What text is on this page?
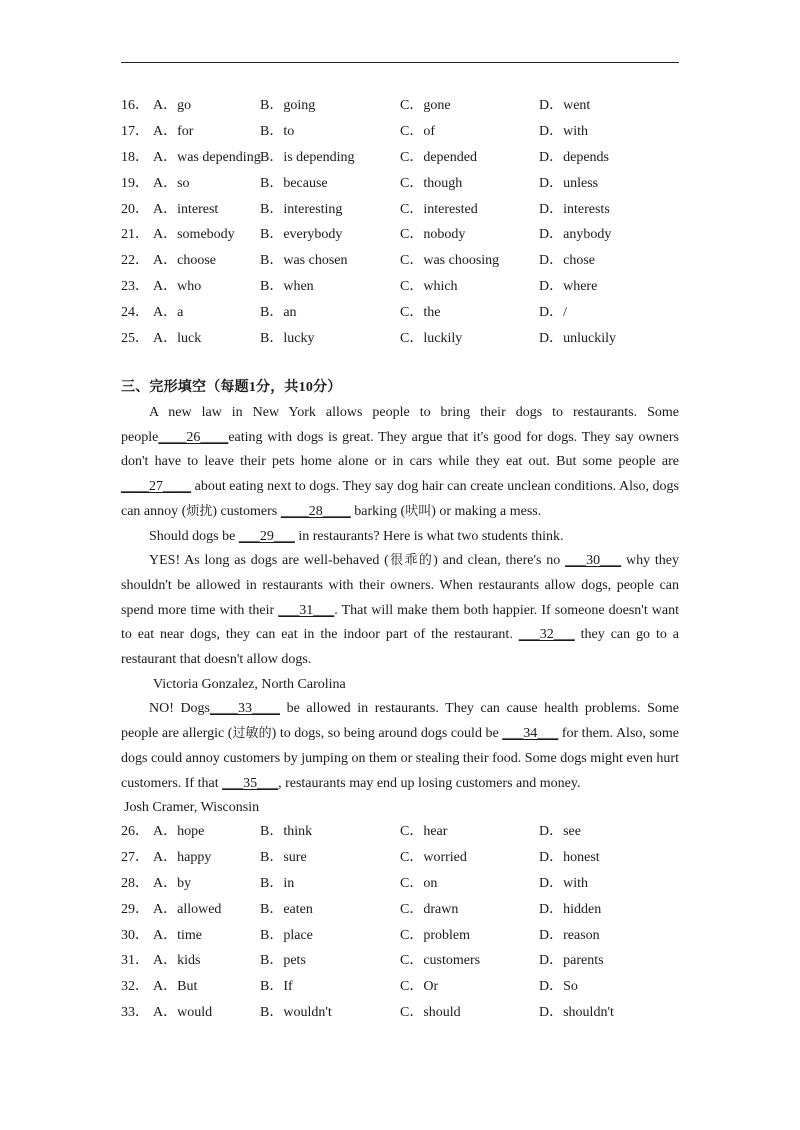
16． A．go	B．going	C．gone	D．went
17． A．for	B．to	C．of	D．with
18． A．was depending B．is depending	C．depended	D．depends
19． A．so	B．because	C．though	D．unless
20． A．interest	B．interesting	C．interested	D．interests
21． A．somebody B．everybody	C．nobody	D．anybody
22． A．choose	B．was chosen	C．was choosing	D．chose
23． A．who	B．when	C．which	D．where
24． A．a	B．an	C．the	D．/
25． A．luck	B．lucky	C．luckily	D．unluckily
三、完形填空（每题1分，共10分）

A new law in New York allows people to bring their dogs to restaurants. Some people____26____eating with dogs is great. They argue that it's good for dogs. They say owners don't have to leave their pets home alone or in cars while they eat out. But some people are ____27____ about eating next to dogs. They say dog hair can create unclean conditions. Also, dogs can annoy (烦扰) customers ____28____ barking (吠叫) or making a mess.

Should dogs be ___29___ in restaurants? Here is what two students think.

YES! As long as dogs are well-behaved (很乖的) and clean, there's no ___30___ why they shouldn't be allowed in restaurants with their owners. When restaurants allow dogs, people can spend more time with their ___31___. That will make them both happier. If someone doesn't want to eat near dogs, they can eat in the indoor part of the restaurant. ___32___ they can go to a restaurant that doesn't allow dogs.

Victoria Gonzalez, North Carolina

NO! Dogs____33____ be allowed in restaurants. They can cause health problems. Some people are allergic (过敏的) to dogs, so being around dogs could be ___34___ for them. Also, some dogs could annoy customers by jumping on them or stealing their food. Some dogs might even hurt customers. If that ___35___, restaurants may end up losing customers and money.

Josh Cramer, Wisconsin

26． A．hope	B．think	C．hear	D．see
27． A．happy	B．sure	C．worried	D．honest
28． A．by	B．in	C．on	D．with
29． A．allowed	B．eaten	C．drawn	D．hidden
30． A．time	B．place	C．problem	D．reason
31． A．kids	B．pets	C．customers	D．parents
32． A．But	B．If	C．Or	D．So
33． A．would	B．wouldn't	C．should	D．shouldn't
